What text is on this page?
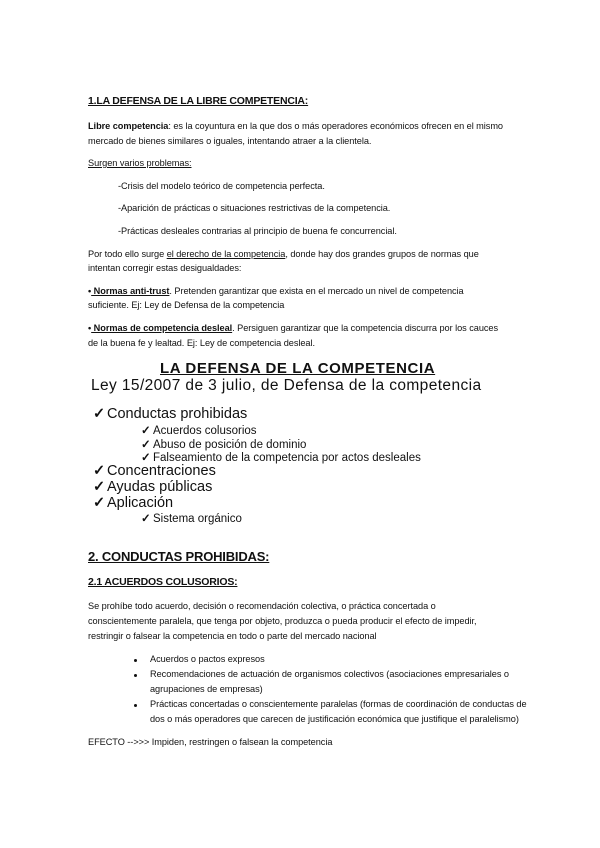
1.LA DEFENSA DE LA LIBRE COMPETENCIA:
Libre competencia: es la coyuntura en la que dos o más operadores económicos ofrecen en el mismo
mercado de bienes similares o iguales, intentando atraer a la clientela.
Surgen varios problemas:
-Crisis del modelo teórico de competencia perfecta.
-Aparición de prácticas o situaciones restrictivas de la competencia.
-Prácticas desleales contrarias al principio de buena fe concurrencial.
Por todo ello surge el derecho de la competencia, donde hay dos grandes grupos de normas que
intentan corregir estas desigualdades:
• Normas anti-trust. Pretenden garantizar que exista en el mercado un nivel de competencia
suficiente. Ej: Ley de Defensa de la competencia
• Normas de competencia desleal. Persiguen garantizar que la competencia discurra por los cauces
de la buena fe y lealtad. Ej: Ley de competencia desleal.
LA DEFENSA DE LA COMPETENCIA
Ley 15/2007 de 3 julio, de Defensa de la competencia
✓ Conductas prohibidas
✓ Acuerdos colusorios
✓ Abuso de posición de dominio
✓ Falseamiento de la competencia por actos desleales
✓ Concentraciones
✓ Ayudas públicas
✓ Aplicación
✓ Sistema orgánico
2. CONDUCTAS PROHIBIDAS:
2.1 ACUERDOS COLUSORIOS:
Se prohíbe todo acuerdo, decisión o recomendación colectiva, o práctica concertada o
conscientemente paralela, que tenga por objeto, produzca o pueda producir el efecto de impedir,
restringir o falsear la competencia en todo o parte del mercado nacional
Acuerdos o pactos expresos
Recomendaciones de actuación de organismos colectivos (asociaciones empresariales o
agrupaciones de empresas)
Prácticas concertadas o conscientemente paralelas (formas de coordinación de conductas de
dos o más operadores que carecen de justificación económica que justifique el paralelismo)
EFECTO -->>> Impiden, restringen o falsean la competencia
